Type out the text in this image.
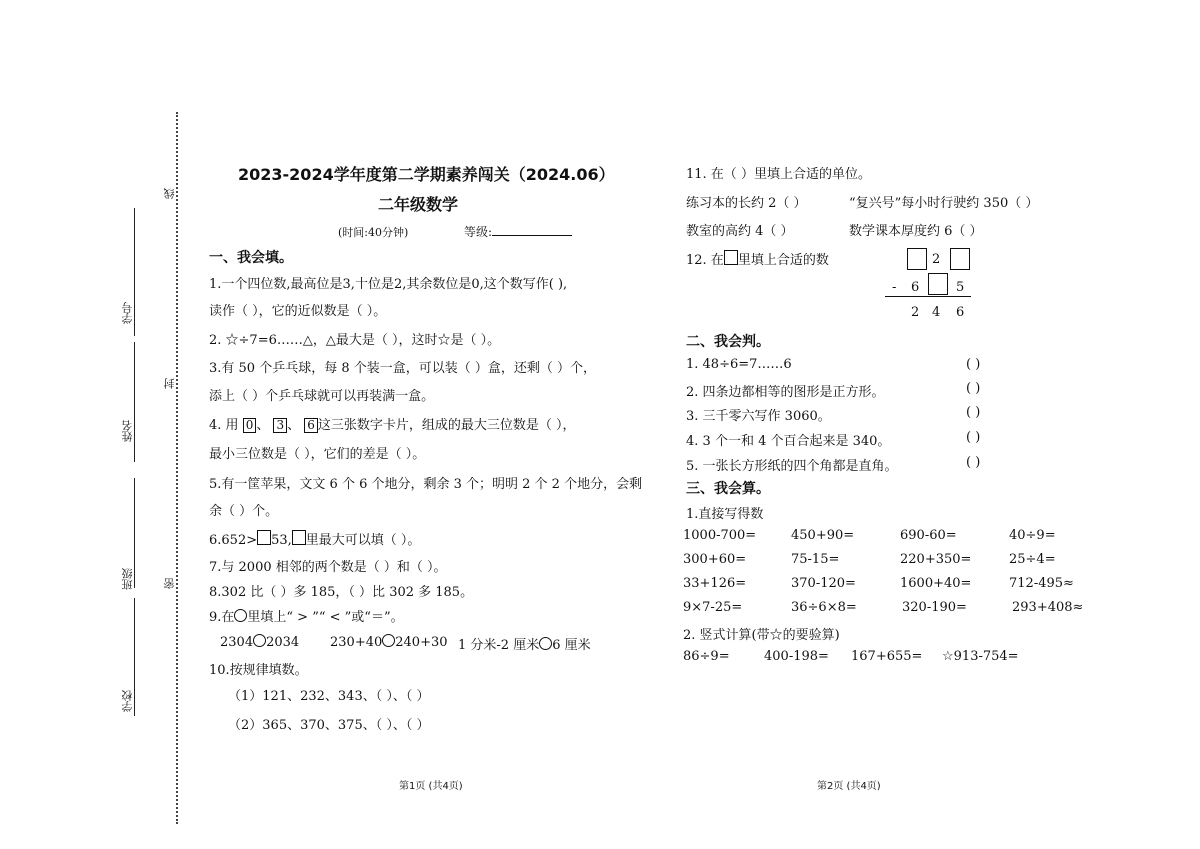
学校
班级
姓名
学号
线
封
密
2023-2024学年度第二学期素养闯关（2024.06）
二年级数学
(时间:40分钟)	等级:
一、我会填。
1.一个四位数,最高位是3,十位是2,其余数位是0,这个数写作( ),
读作（ ），它的近似数是（ ）。
2. ☆÷7=6……△，△最大是（ ），这时☆是（ ）。
3.有 50 个乒乓球，每 8 个装一盒，可以装（ ）盒，还剩（ ）个，
添上（ ）个乒乓球就可以再装满一盒。
4. 用 0 、 3 、 6 这三张数字卡片，组成的最大三位数是（ ），
最小三位数是（ ），它们的差是（ ）。
5.有一筐苹果，文文 6 个 6 个地分，剩余 3 个；明明 2 个 2 个地分，会剩
余（ ）个。
6.652> 53, 里最大可以填（ ）。
7.与 2000 相邻的两个数是（ ）和（ ）。
8.302 比（ ）多 185，（ ）比 302 多 185。
9.在 里填上“ > ”“ < ”或“＝”。
2304 2034 230+40 240+30 1 分米-2 厘米 6 厘米
10.按规律填数。
（1）121、232、343、（ ）、（ ）
（2）365、370、375、（ ）、（ ）
第1页 (共4页)
11. 在（ ）里填上合适的单位。
练习本的长约 2（ ）	“复兴号”每小时行驶约 350（ ）
教室的高约 4（ ）	数学课本厚度约 6（ ）
12. 在 里填上合适的数	2
- 6	5
2 4 6
二、我会判。
1. 48÷6=7……6	( )
2. 四条边都相等的图形是正方形。	( )
3. 三千零六写作 3060。	( )
4. 3 个一和 4 个百合起来是 340。	( )
5. 一张长方形纸的四个角都是直角。	( )
三、我会算。
1.直接写得数
1000-700=	450+90=	690-60=	40÷9=
300+60=	75-15=	220+350=	25÷4=
33+126=	370-120=	1600+40=	712-495≈
9×7-25=	36÷6×8=	320-190=	293+408≈
2. 竖式计算(带☆的要验算)
86÷9=	400-198= 167+655= ☆913-754=
第2页 (共4页)
